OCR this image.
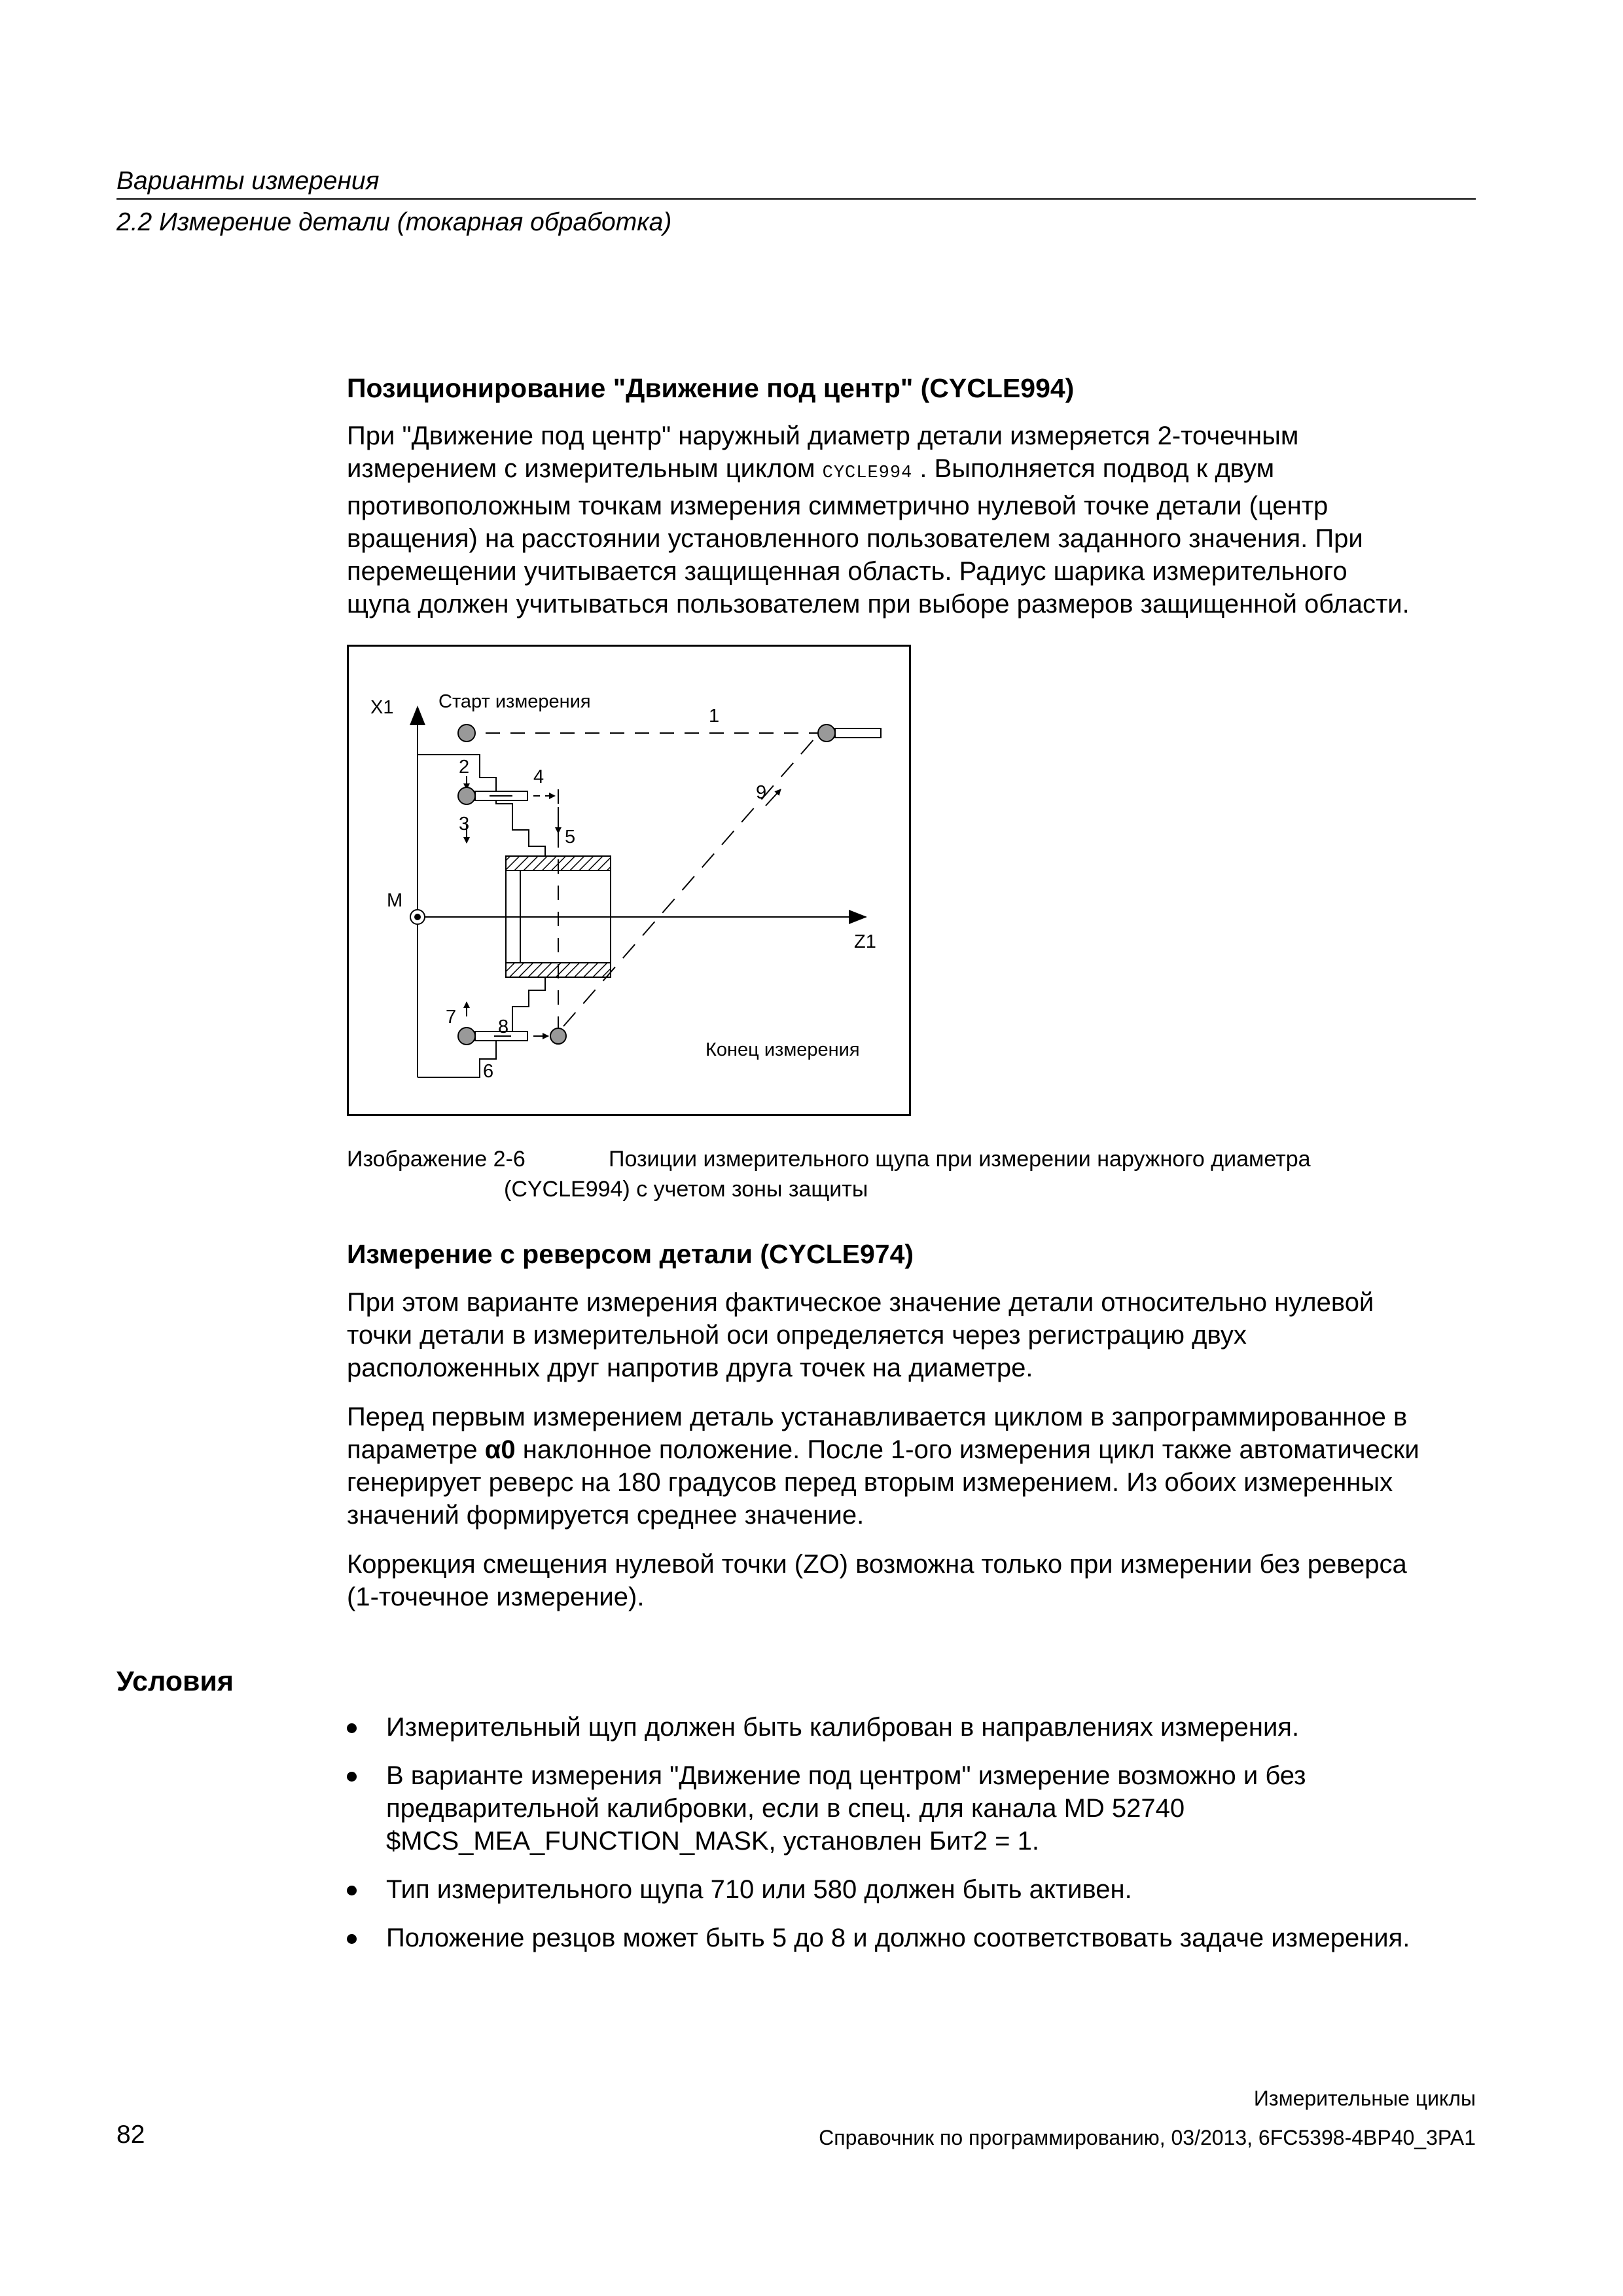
Варианты измерения
2.2 Измерение детали (токарная обработка)
Позиционирование "Движение под центр" (CYCLE994)
При "Движение под центр" наружный диаметр детали измеряется 2-точечным
измерением с измерительным циклом CYCLE994 . Выполняется подвод к двум
противоположным точкам измерения симметрично нулевой точке детали (центр
вращения) на расстоянии установленного пользователем заданного значения. При
перемещении учитывается защищенная область. Радиус шарика измерительного
щупа должен учитываться пользователем при выборе размеров защищенной области.
X1
Z1
M
Старт измерения
Конец измерения
1
2
3
4
5
7
6
8
9
Изображение 2-6	Позиции измерительного щупа при измерении наружного диаметра
(CYCLE994) с учетом зоны защиты
Измерение с реверсом детали (CYCLE974)
При этом варианте измерения фактическое значение детали относительно нулевой
точки детали в измерительной оси определяется через регистрацию двух
расположенных друг напротив друга точек на диаметре.
Перед первым измерением деталь устанавливается циклом в запрограммированное в
параметре α0 наклонное положение. После 1-ого измерения цикл также автоматически
генерирует реверс на 180 градусов перед вторым измерением. Из обоих измеренных
значений формируется среднее значение.
Коррекция смещения нулевой точки (ZO) возможна только при измерении без реверса
(1-точечное измерение).
Условия
Измерительный щуп должен быть калиброван в направлениях измерения.
В варианте измерения "Движение под центром" измерение возможно и без
предварительной калибровки, если в спец. для канала MD 52740
$MCS_MEA_FUNCTION_MASK, установлен Бит2 = 1.
Тип измерительного щупа 710 или 580 должен быть активен.
Положение резцов может быть 5 до 8 и должно соответствовать задаче измерения.
82
Измерительные циклы
Справочник по программированию, 03/2013, 6FC5398-4BP40_3PA1
